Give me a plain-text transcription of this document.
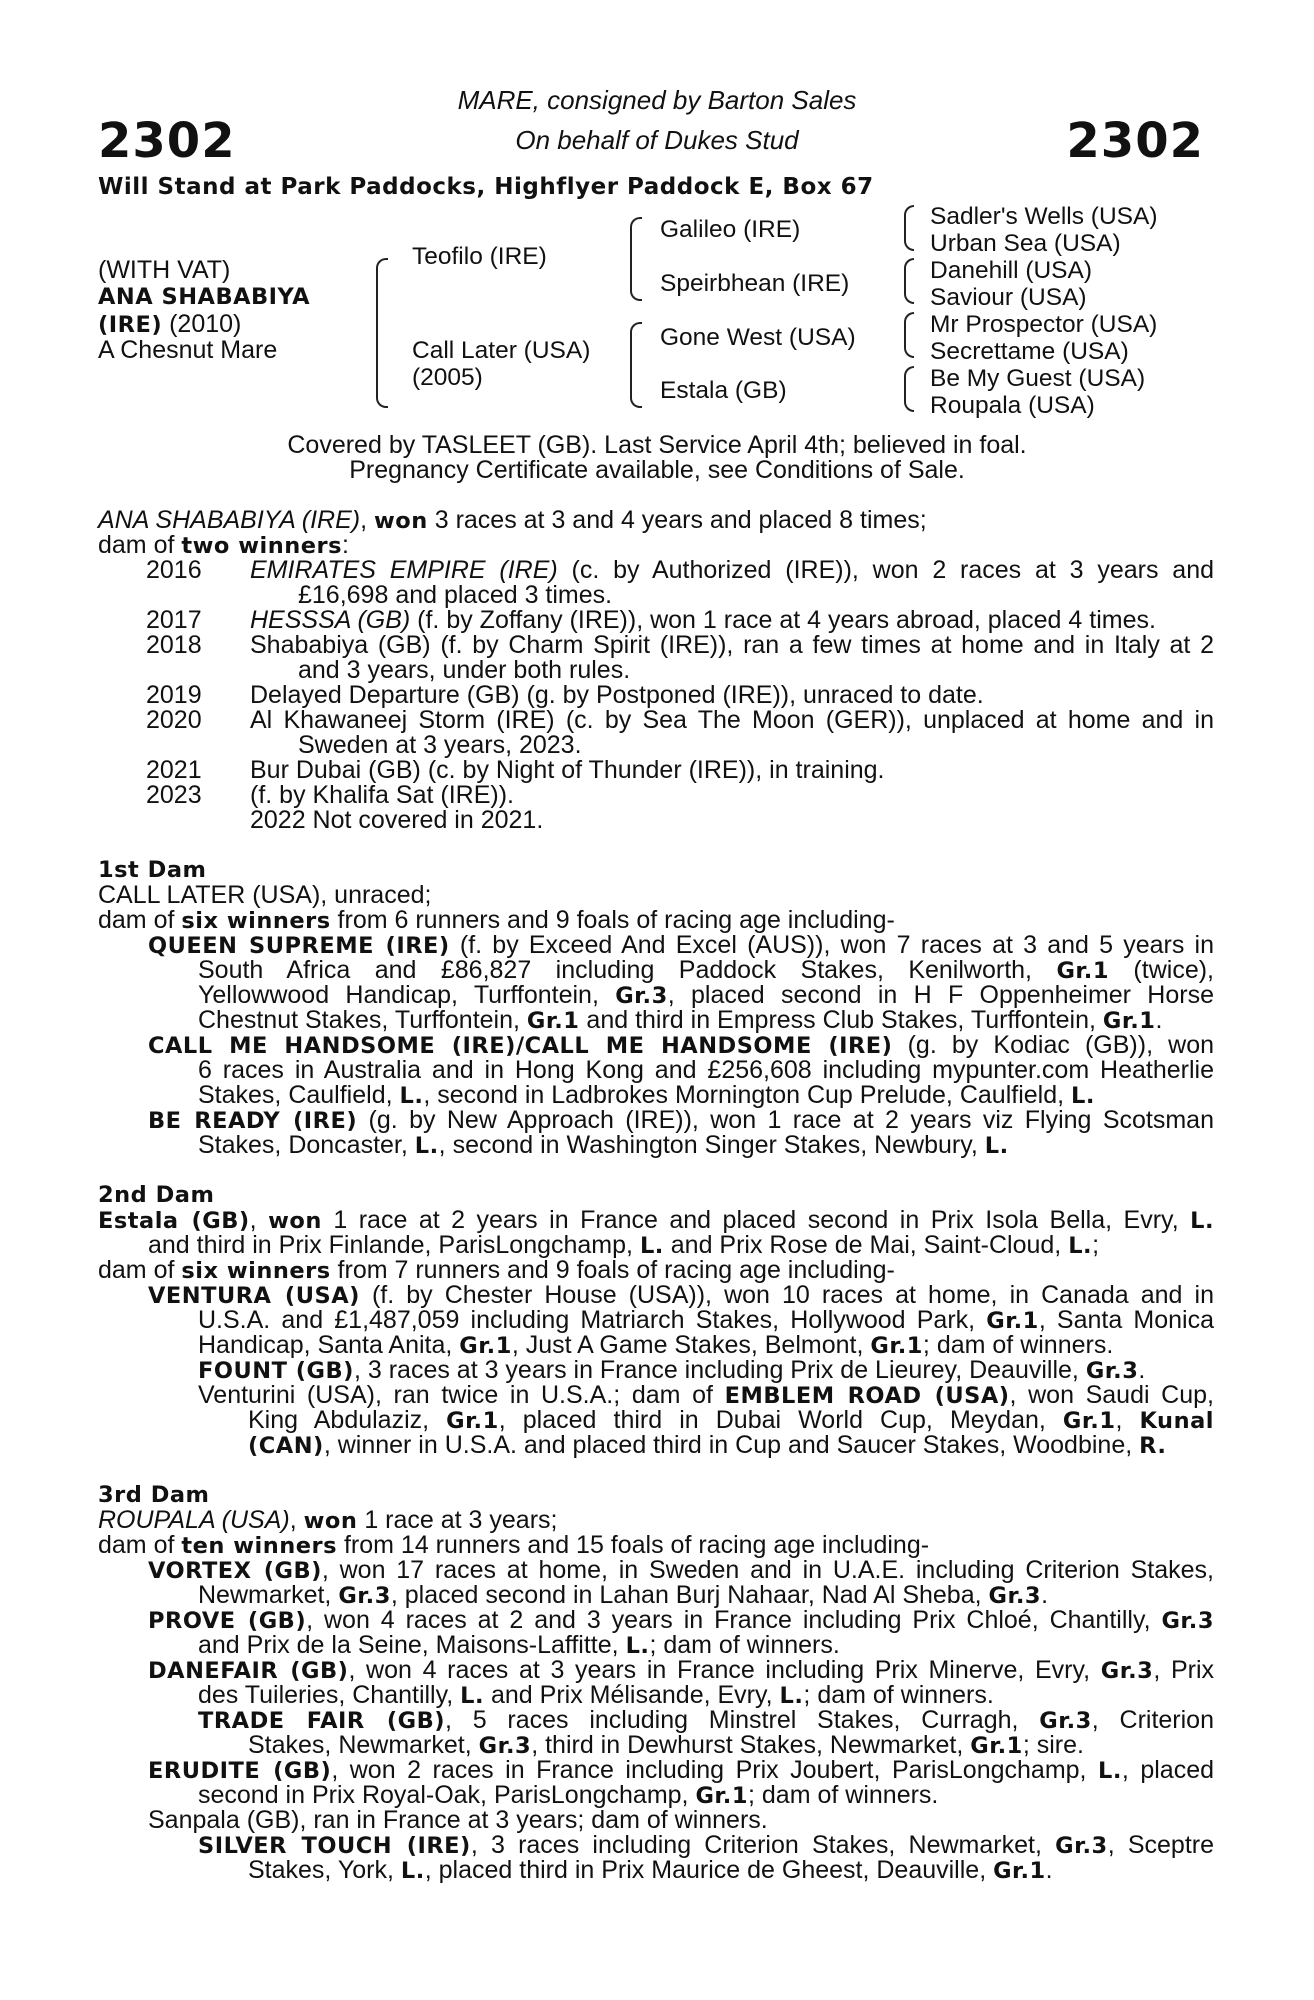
2302	2302
MARE, consigned by Barton Sales
On behalf of Dukes Stud
Will Stand at Park Paddocks, Highflyer Paddock E, Box 67
(WITH VAT)
ANA SHABABIYA
(IRE) (2010)
A Chesnut Mare
Teofilo (IRE)
Call Later (USA)
(2005)
Galileo (IRE)
Speirbhean (IRE)
Gone West (USA)
Estala (GB)
Sadler's Wells (USA)
Urban Sea (USA)
Danehill (USA)
Saviour (USA)
Mr Prospector (USA)
Secrettame (USA)
Be My Guest (USA)
Roupala (USA)
Covered by TASLEET (GB). Last Service April 4th; believed in foal.
Pregnancy Certificate available, see Conditions of Sale.
ANA SHABABIYA (IRE), won 3 races at 3 and 4 years and placed 8 times;
dam of two winners:
2016 EMIRATES EMPIRE (IRE) (c. by Authorized (IRE)), won 2 races at 3 years and
£16,698 and placed 3 times.
2017 HESSSA (GB) (f. by Zoffany (IRE)), won 1 race at 4 years abroad, placed 4 times.
2018 Shababiya (GB) (f. by Charm Spirit (IRE)), ran a few times at home and in Italy at 2
and 3 years, under both rules.
2019 Delayed Departure (GB) (g. by Postponed (IRE)), unraced to date.
2020 Al Khawaneej Storm (IRE) (c. by Sea The Moon (GER)), unplaced at home and in
Sweden at 3 years, 2023.
2021 Bur Dubai (GB) (c. by Night of Thunder (IRE)), in training.
2023 (f. by Khalifa Sat (IRE)).
2022 Not covered in 2021.
1st Dam
CALL LATER (USA), unraced;
dam of six winners from 6 runners and 9 foals of racing age including-
QUEEN SUPREME (IRE) (f. by Exceed And Excel (AUS)), won 7 races at 3 and 5 years in
South Africa and £86,827 including Paddock Stakes, Kenilworth, Gr.1 (twice),
Yellowwood Handicap, Turffontein, Gr.3, placed second in H F Oppenheimer Horse
Chestnut Stakes, Turffontein, Gr.1 and third in Empress Club Stakes, Turffontein, Gr.1.
CALL ME HANDSOME (IRE)/CALL ME HANDSOME (IRE) (g. by Kodiac (GB)), won
6 races in Australia and in Hong Kong and £256,608 including mypunter.com Heatherlie
Stakes, Caulfield, L., second in Ladbrokes Mornington Cup Prelude, Caulfield, L.
BE READY (IRE) (g. by New Approach (IRE)), won 1 race at 2 years viz Flying Scotsman
Stakes, Doncaster, L., second in Washington Singer Stakes, Newbury, L.
2nd Dam
Estala (GB), won 1 race at 2 years in France and placed second in Prix Isola Bella, Evry, L.
and third in Prix Finlande, ParisLongchamp, L. and Prix Rose de Mai, Saint-Cloud, L.;
dam of six winners from 7 runners and 9 foals of racing age including-
VENTURA (USA) (f. by Chester House (USA)), won 10 races at home, in Canada and in
U.S.A. and £1,487,059 including Matriarch Stakes, Hollywood Park, Gr.1, Santa Monica
Handicap, Santa Anita, Gr.1, Just A Game Stakes, Belmont, Gr.1; dam of winners.
FOUNT (GB), 3 races at 3 years in France including Prix de Lieurey, Deauville, Gr.3.
Venturini (USA), ran twice in U.S.A.; dam of EMBLEM ROAD (USA), won Saudi Cup,
King Abdulaziz, Gr.1, placed third in Dubai World Cup, Meydan, Gr.1, Kunal
(CAN), winner in U.S.A. and placed third in Cup and Saucer Stakes, Woodbine, R.
3rd Dam
ROUPALA (USA), won 1 race at 3 years;
dam of ten winners from 14 runners and 15 foals of racing age including-
VORTEX (GB), won 17 races at home, in Sweden and in U.A.E. including Criterion Stakes,
Newmarket, Gr.3, placed second in Lahan Burj Nahaar, Nad Al Sheba, Gr.3.
PROVE (GB), won 4 races at 2 and 3 years in France including Prix Chloé, Chantilly, Gr.3
and Prix de la Seine, Maisons-Laffitte, L.; dam of winners.
DANEFAIR (GB), won 4 races at 3 years in France including Prix Minerve, Evry, Gr.3, Prix
des Tuileries, Chantilly, L. and Prix Mélisande, Evry, L.; dam of winners.
TRADE FAIR (GB), 5 races including Minstrel Stakes, Curragh, Gr.3, Criterion
Stakes, Newmarket, Gr.3, third in Dewhurst Stakes, Newmarket, Gr.1; sire.
ERUDITE (GB), won 2 races in France including Prix Joubert, ParisLongchamp, L., placed
second in Prix Royal-Oak, ParisLongchamp, Gr.1; dam of winners.
Sanpala (GB), ran in France at 3 years; dam of winners.
SILVER TOUCH (IRE), 3 races including Criterion Stakes, Newmarket, Gr.3, Sceptre
Stakes, York, L., placed third in Prix Maurice de Gheest, Deauville, Gr.1.
